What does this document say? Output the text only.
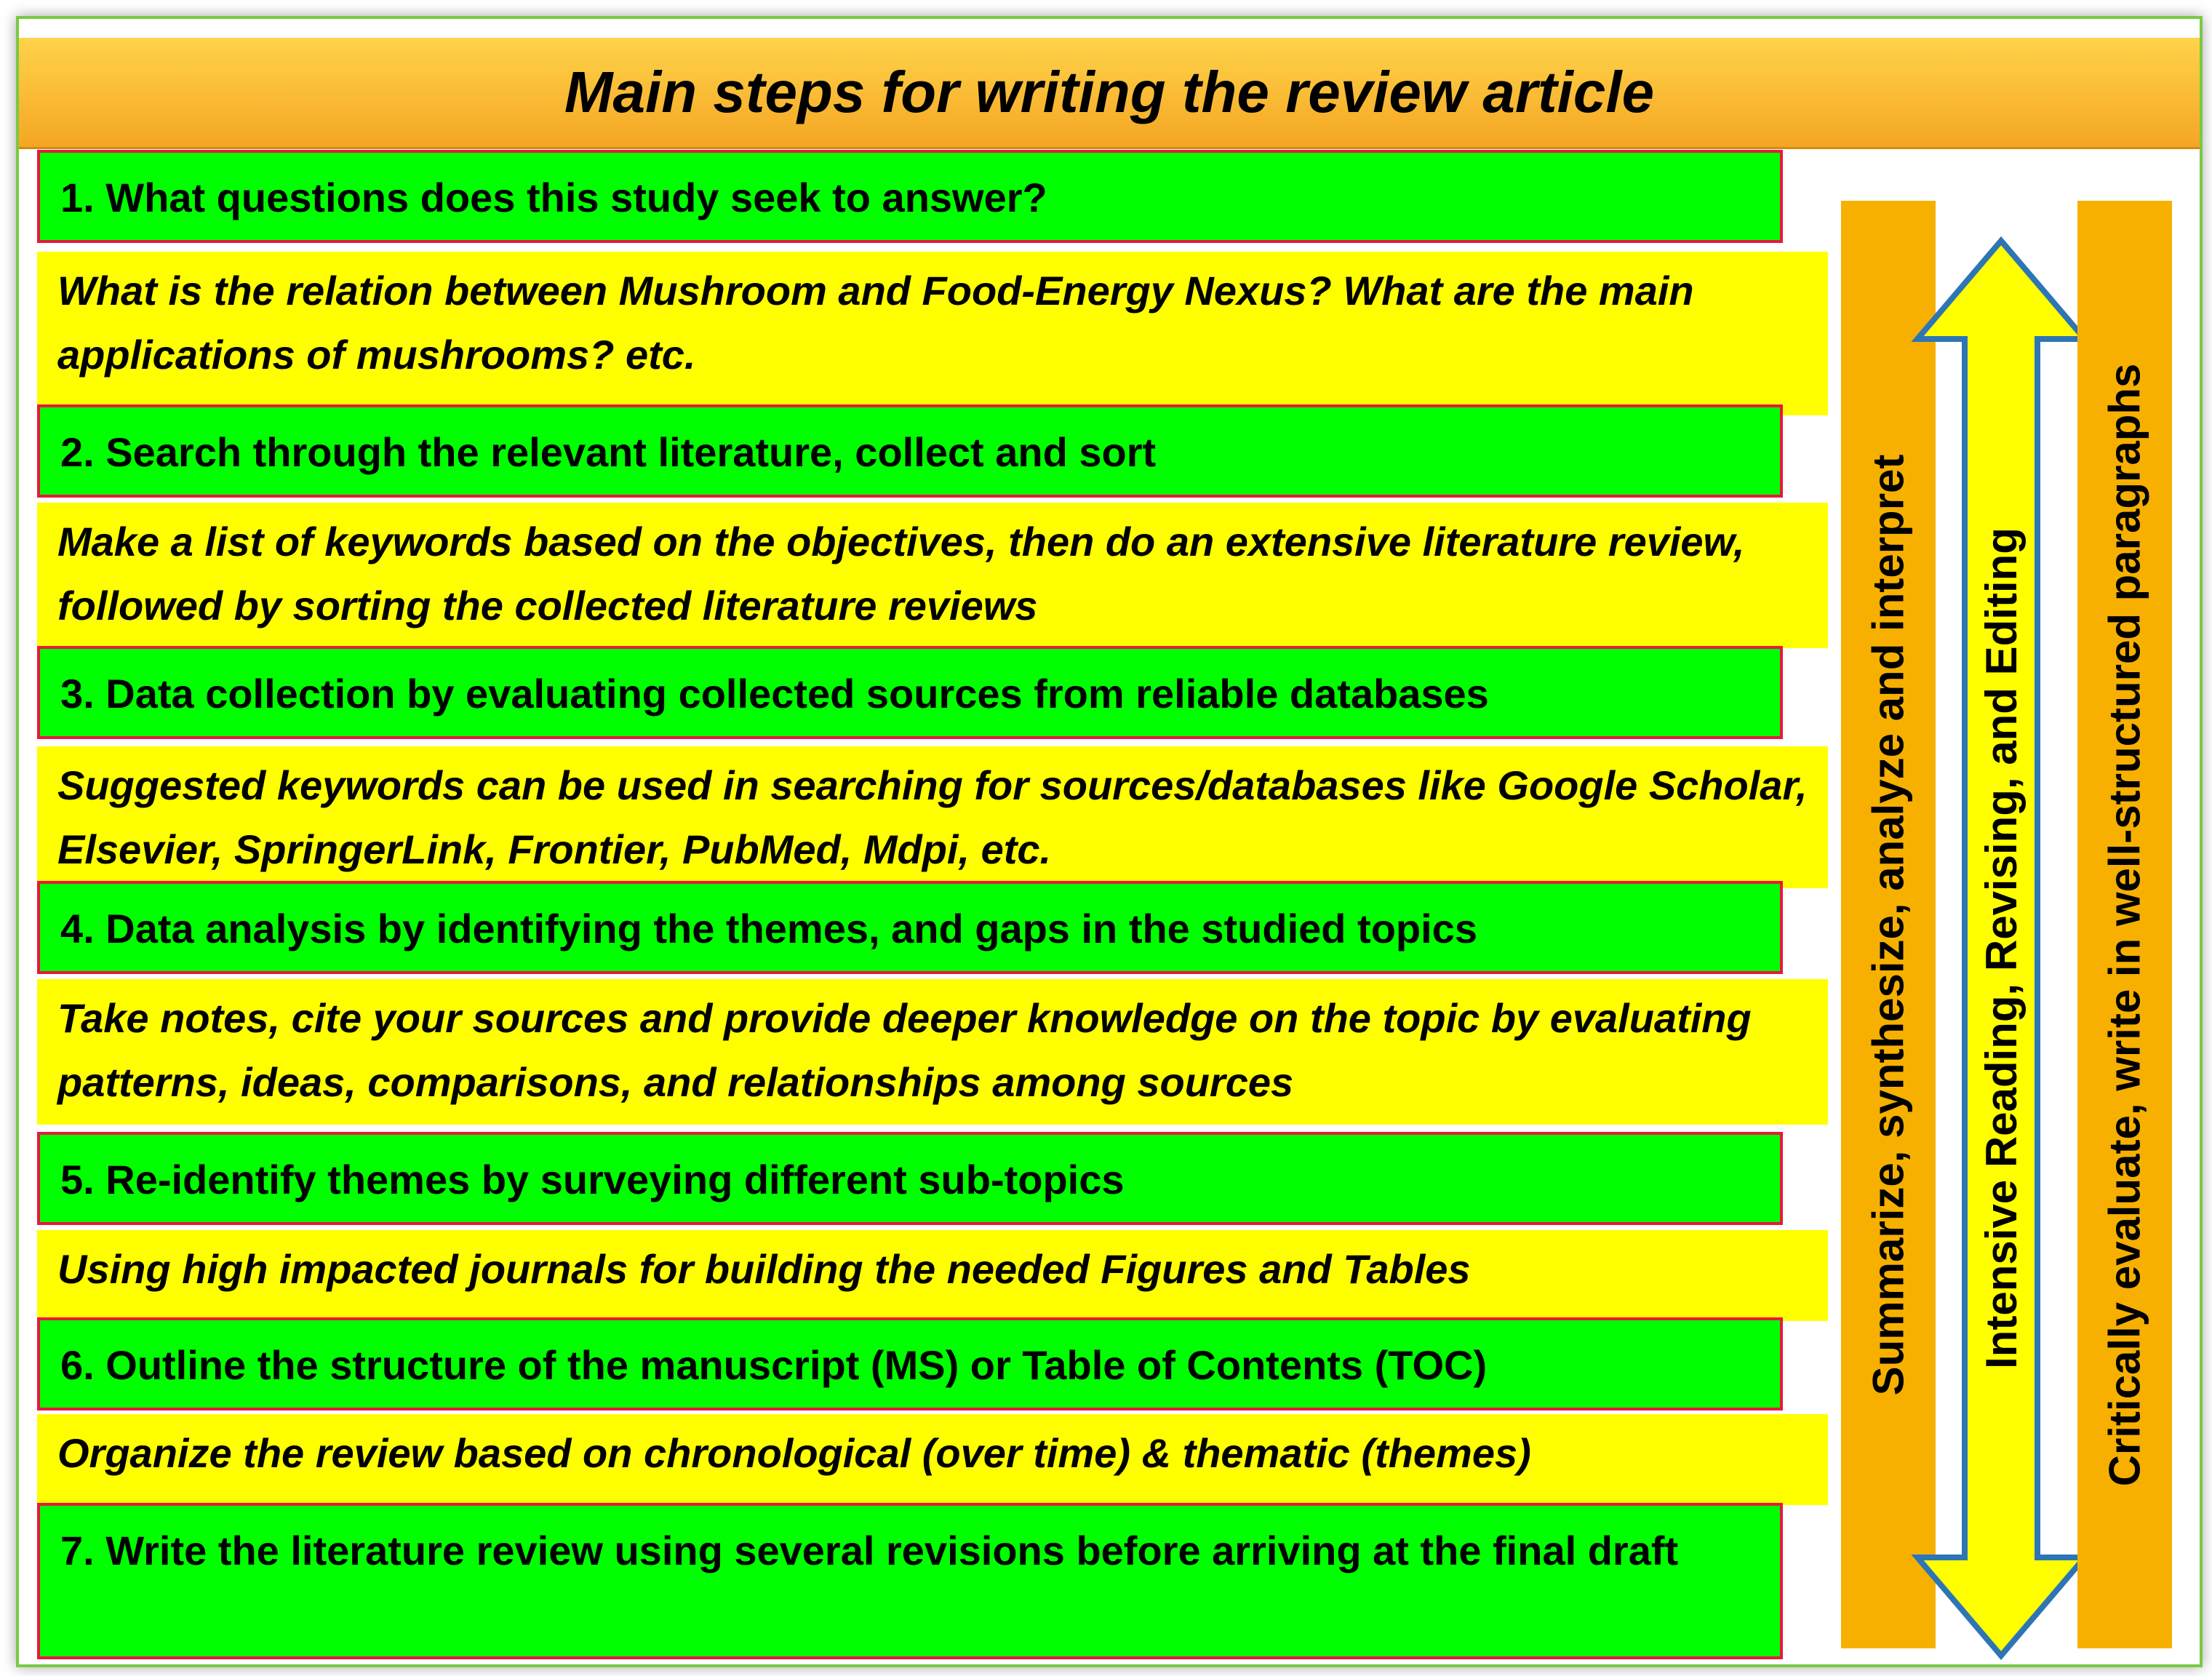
Main steps for writing the review article
1. What questions does this study seek to answer?
What is the relation between Mushroom and Food-Energy Nexus? What are the main applications of mushrooms? etc.
2. Search through the relevant literature, collect and sort
Make a list of keywords based on the objectives, then do an extensive literature review, followed by sorting the collected literature reviews
3. Data collection by evaluating collected sources from reliable databases
Suggested keywords can be used in searching for sources/databases like Google Scholar, Elsevier, SpringerLink, Frontier, PubMed, Mdpi, etc.
4. Data analysis by identifying the themes, and gaps in the studied topics
Take notes, cite your sources and provide deeper knowledge on the topic by evaluating patterns, ideas, comparisons, and relationships among sources
5. Re-identify themes by surveying different sub-topics
Using high impacted journals for building the needed Figures and Tables
6. Outline the structure of the manuscript (MS) or Table of Contents (TOC)
Organize the review based on chronological (over time) & thematic (themes)
7. Write the literature review using several revisions before arriving at the final draft
Summarize, synthesize, analyze and interpret Intensive Reading, Revising, and Editing Critically evaluate, write in well-structured paragraphs
